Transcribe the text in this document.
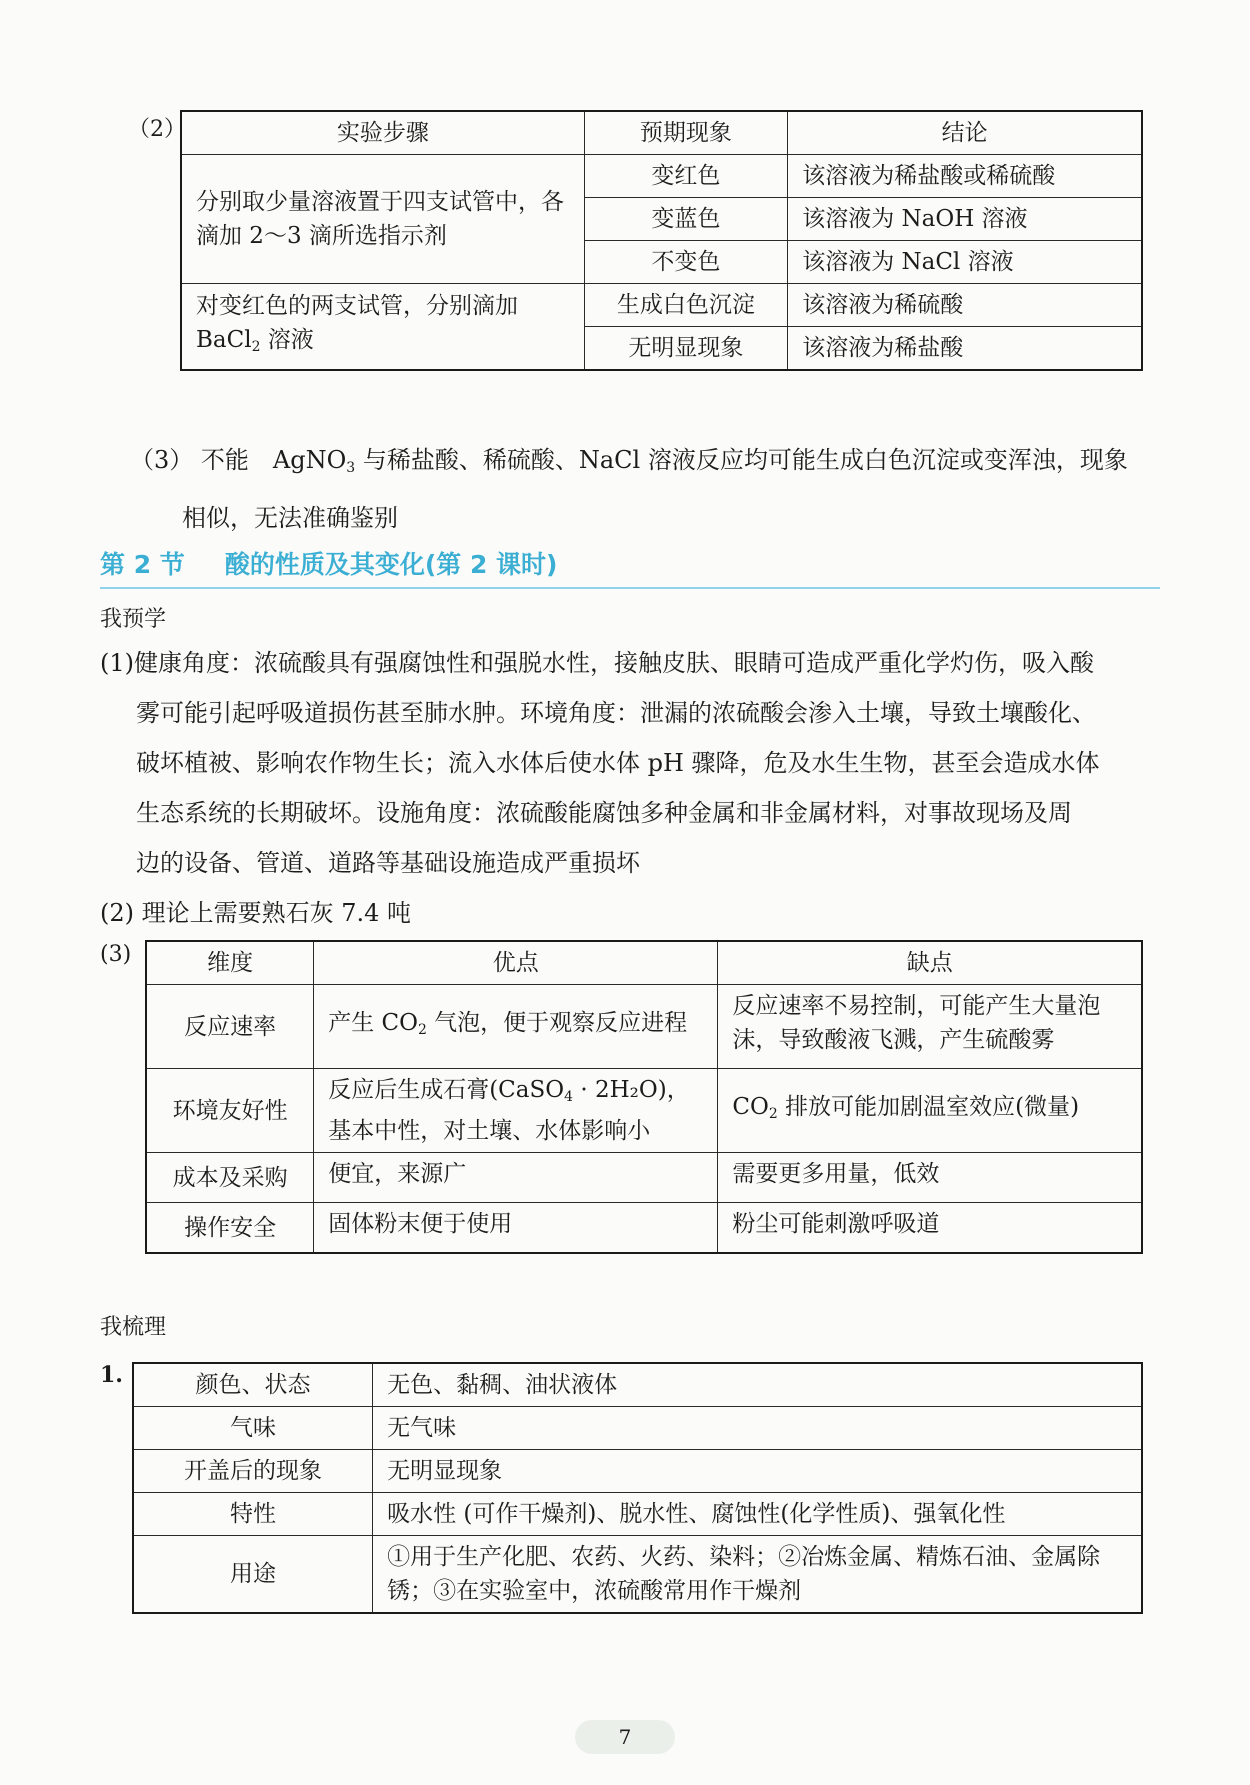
（2）	实验步骤	预期现象	结论
分别取少量溶液置于四支试管中，各滴加 2～3 滴所选指示剂	变红色	该溶液为稀盐酸或稀硫酸
	变蓝色	该溶液为 NaOH 溶液
	不变色	该溶液为 NaCl 溶液
对变红色的两支试管，分别滴加 BaCl$_2$ 溶液	生成白色沉淀	该溶液为稀硫酸
	无明显现象	该溶液为稀盐酸
（3） 不能　AgNO$_3$ 与稀盐酸、稀硫酸、NaCl 溶液反应均可能生成白色沉淀或变浑浊，现象
相似，无法准确鉴别
第 2 节 酸的性质及其变化(第 2 课时)
我预学
(1)健康角度：浓硫酸具有强腐蚀性和强脱水性，接触皮肤、眼睛可造成严重化学灼伤，吸入酸
雾可能引起呼吸道损伤甚至肺水肿。环境角度：泄漏的浓硫酸会渗入土壤，导致土壤酸化、
破坏植被、影响农作物生长；流入水体后使水体 pH 骤降，危及水生生物，甚至会造成水体
生态系统的长期破坏。设施角度：浓硫酸能腐蚀多种金属和非金属材料，对事故现场及周
边的设备、管道、道路等基础设施造成严重损坏
(2) 理论上需要熟石灰 7.4 吨
(3)	维度	优点	缺点
反应速率	产生 $CO_2$ 气泡，便于观察反应进程	反应速率不易控制，可能产生大量泡沫，导致酸液飞溅，产生硫酸雾
环境友好性	反应后生成石膏(CaSO$_4$ · 2H₂O)，基本中性，对土壤、水体影响小	$CO_2$ 排放可能加剧温室效应(微量)
成本及采购	便宜，来源广	需要更多用量，低效
操作安全	固体粉末便于使用	粉尘可能刺激呼吸道
我梳理
1.	颜色、状态	无色、黏稠、油状液体
气味	无气味
开盖后的现象	无明显现象
特性	吸水性 (可作干燥剂)、脱水性、腐蚀性(化学性质)、强氧化性
用途	①用于生产化肥、农药、火药、染料；②冶炼金属、精炼石油、金属除锈；③在实验室中，浓硫酸常用作干燥剂
7
